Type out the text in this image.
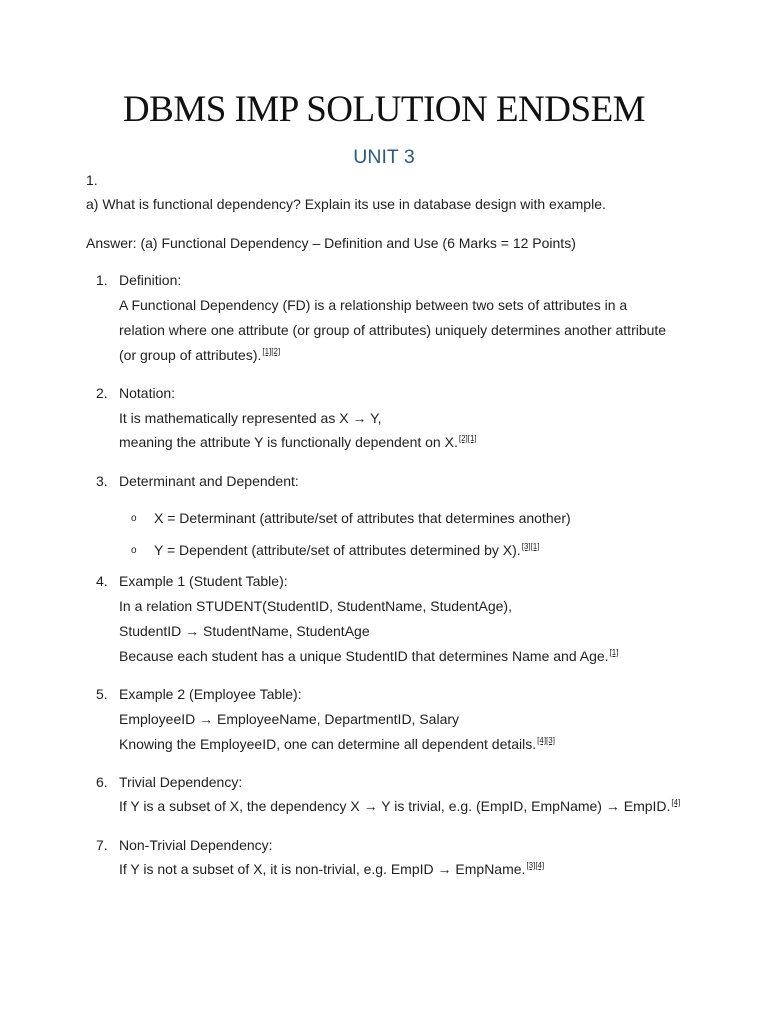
DBMS IMP SOLUTION ENDSEM
UNIT 3
1.
a) What is functional dependency? Explain its use in database design with example.
Answer: (a) Functional Dependency – Definition and Use (6 Marks = 12 Points)
1. Definition:
A Functional Dependency (FD) is a relationship between two sets of attributes in a
relation where one attribute (or group of attributes) uniquely determines another attribute
(or group of attributes).[1][2]
2. Notation:
It is mathematically represented as X → Y,
meaning the attribute Y is functionally dependent on X.[2][1]
3. Determinant and Dependent:
o X = Determinant (attribute/set of attributes that determines another)
o Y = Dependent (attribute/set of attributes determined by X).[3][1]
4. Example 1 (Student Table):
In a relation STUDENT(StudentID, StudentName, StudentAge),
StudentID → StudentName, StudentAge
Because each student has a unique StudentID that determines Name and Age.[1]
5. Example 2 (Employee Table):
EmployeeID → EmployeeName, DepartmentID, Salary
Knowing the EmployeeID, one can determine all dependent details.[4][3]
6. Trivial Dependency:
If Y is a subset of X, the dependency X → Y is trivial, e.g. (EmpID, EmpName) → EmpID.[4]
7. Non-Trivial Dependency:
If Y is not a subset of X, it is non-trivial, e.g. EmpID → EmpName.[3][4]
